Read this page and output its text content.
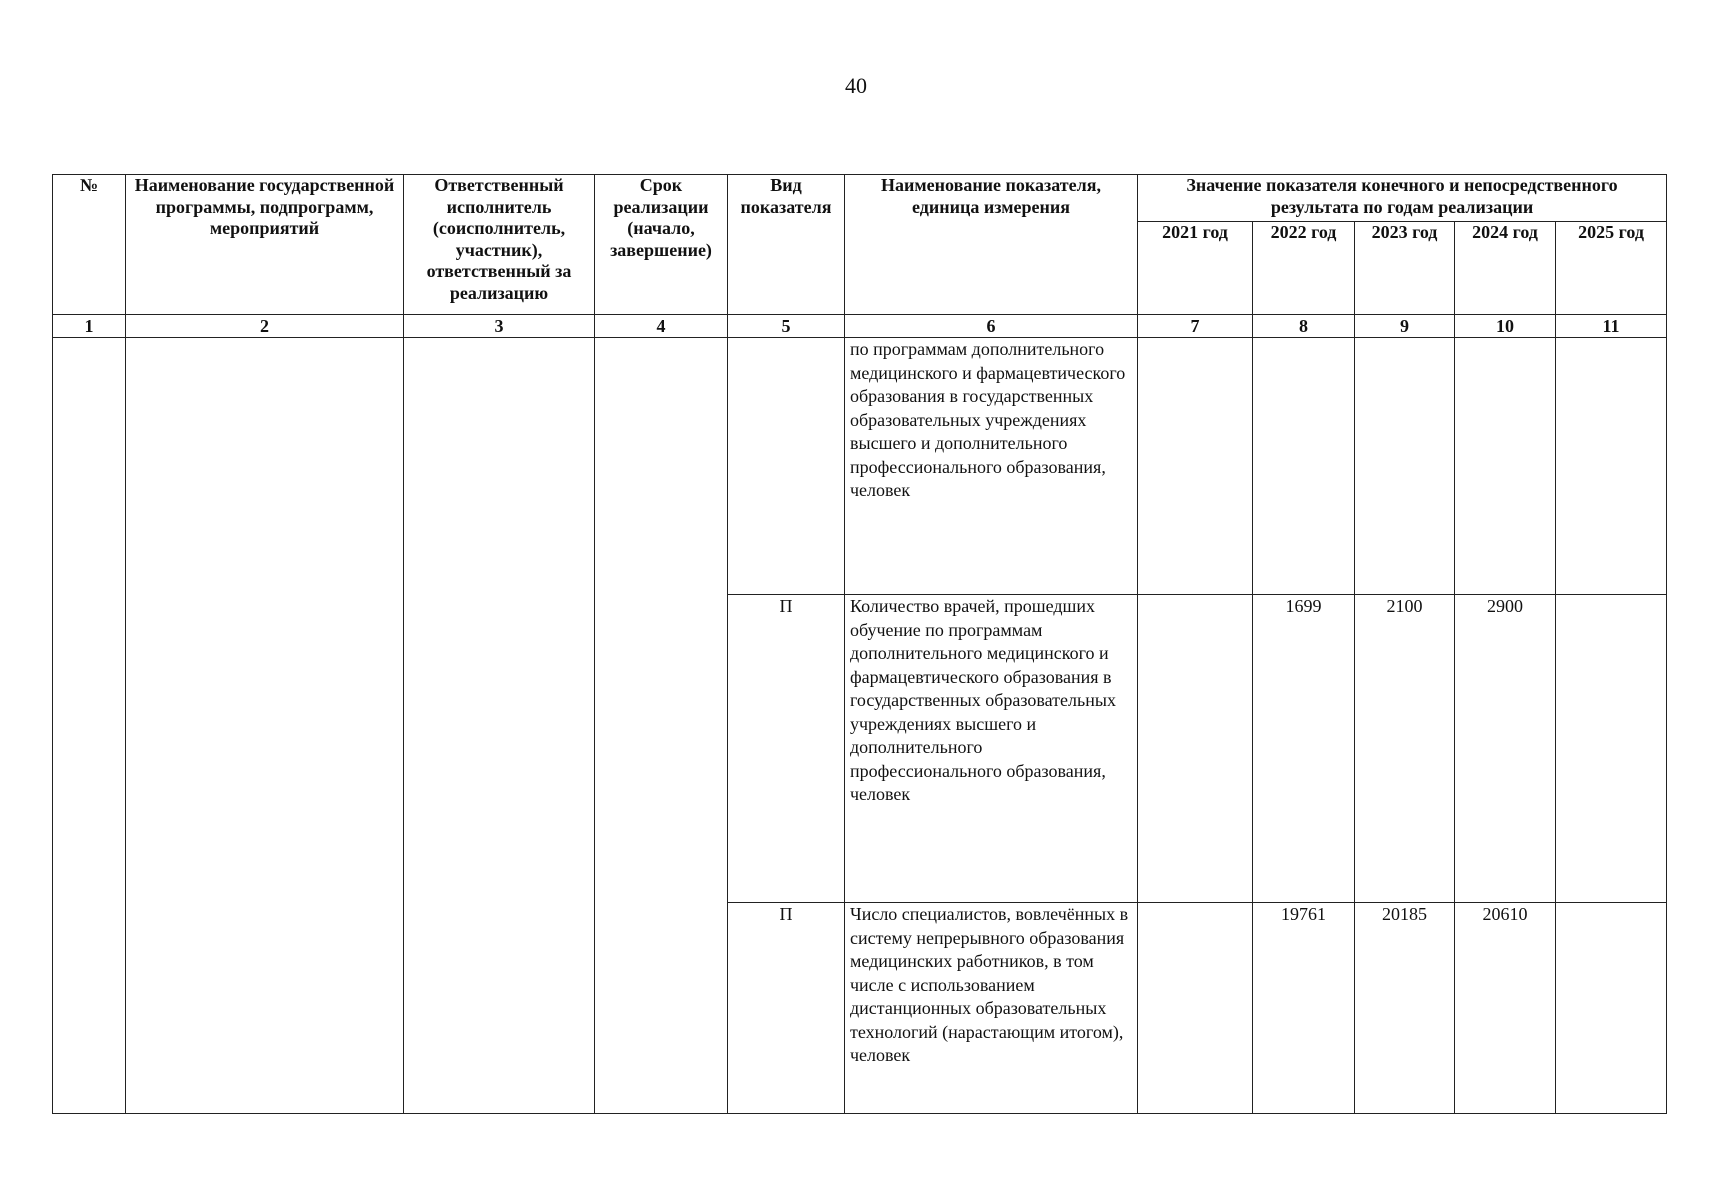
40
№	Наименование государственной программы, подпрограмм, мероприятий	Ответственный исполнитель (соисполнитель, участник), ответственный за реализацию	Срок реализации (начало, завершение)	Вид показателя	Наименование показателя, единица измерения	Значение показателя конечного и непосредственного результата по годам реализации				
						2021 год	2022 год	2023 год	2024 год	2025 год
1	2	3	4	5	6	7	8	9	10	11
					по программам дополнительного медицинского и фармацевтического образования в государственных образовательных учреждениях высшего и дополнительного профессионального образования, человек					
				П	Количество врачей, прошедших обучение по программам дополнительного медицинского и фармацевтического образования в государственных образовательных учреждениях высшего и дополнительного профессионального образования, человек		1699	2100	2900	
				П	Число специалистов, вовлечённых в систему непрерывного образования медицинских работников, в том числе с использованием дистанционных образовательных технологий (нарастающим итогом), человек		19761	20185	20610	
